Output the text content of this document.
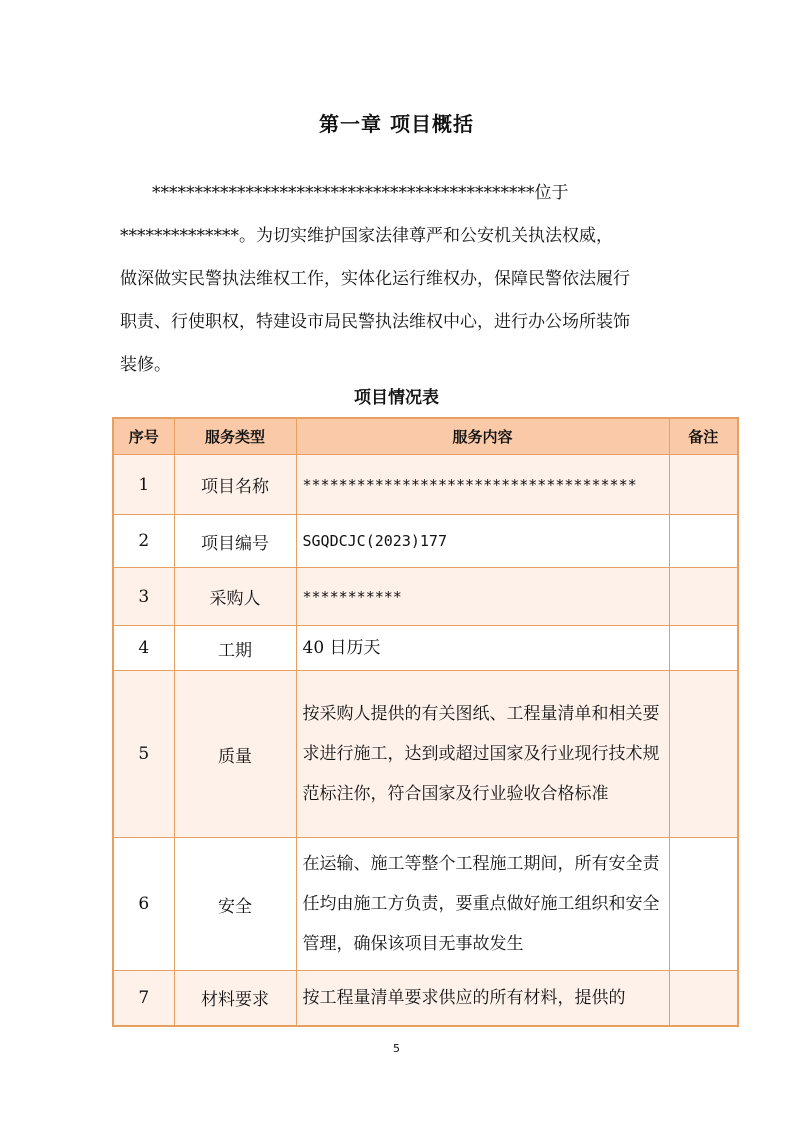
第一章 项目概括

*********************************************位于
**************。为切实维护国家法律尊严和公安机关执法权威，
做深做实民警执法维权工作，实体化运行维权办，保障民警依法履行
职责、行使职权，特建设市局民警执法维权中心，进行办公场所装饰
装修。

项目情况表
序号	服务类型	服务内容	备注
1	项目名称	*************************************	
2	项目编号	SGQDCJC(2023)177	
3	采购人	***********	
4	工期	40 日历天	
5	质量	按采购人提供的有关图纸、工程量清单和相关要求进行施工，达到或超过国家及行业现行技术规范标注你，符合国家及行业验收合格标准	
6	安全	在运输、施工等整个工程施工期间，所有安全责任均由施工方负责，要重点做好施工组织和安全管理，确保该项目无事故发生	
7	材料要求	按工程量清单要求供应的所有材料，提供的	
5
